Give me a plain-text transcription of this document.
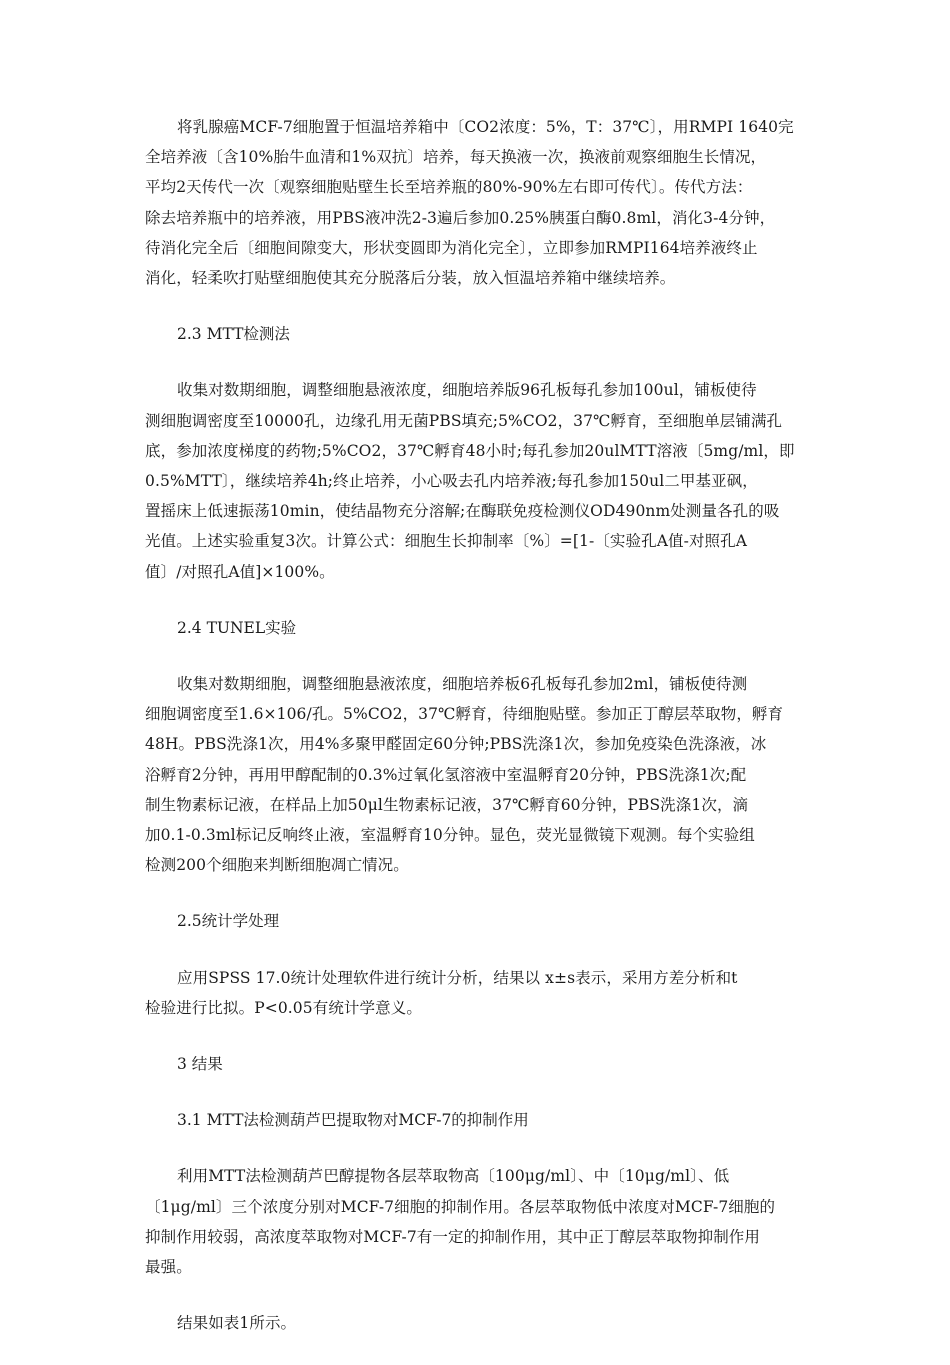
将乳腺癌MCF-7细胞置于恒温培养箱中〔CO2浓度：5%，T：37℃〕，用RMPI 1640完
全培养液〔含10%胎牛血清和1%双抗〕培养，每天换液一次，换液前观察细胞生长情况，
平均2天传代一次〔观察细胞贴壁生长至培养瓶的80%-90%左右即可传代〕。传代方法：
除去培养瓶中的培养液，用PBS液冲洗2-3遍后参加0.25%胰蛋白酶0.8ml，消化3-4分钟，
待消化完全后〔细胞间隙变大，形状变圆即为消化完全〕，立即参加RMPI164培养液终止
消化，轻柔吹打贴壁细胞使其充分脱落后分装，放入恒温培养箱中继续培养。
2.3 MTT检测法
收集对数期细胞，调整细胞悬液浓度，细胞培养版96孔板每孔参加100ul，铺板使待
测细胞调密度至10000孔，边缘孔用无菌PBS填充;5%CO2，37℃孵育，至细胞单层铺满孔
底，参加浓度梯度的药物;5%CO2，37℃孵育48小时;每孔参加20ulMTT溶液〔5mg/ml，即
0.5%MTT〕，继续培养4h;终止培养，小心吸去孔内培养液;每孔参加150ul二甲基亚砜，
置摇床上低速振荡10min，使结晶物充分溶解;在酶联免疫检测仪OD490nm处测量各孔的吸
光值。上述实验重复3次。计算公式：细胞生长抑制率〔%〕=[1-〔实验孔A值-对照孔A
值〕/对照孔A值]×100%。
2.4 TUNEL实验
收集对数期细胞，调整细胞悬液浓度，细胞培养板6孔板每孔参加2ml，铺板使待测
细胞调密度至1.6×106/孔。5%CO2，37℃孵育，待细胞贴壁。参加正丁醇层萃取物，孵育
48H。PBS洗涤1次，用4%多聚甲醛固定60分钟;PBS洗涤1次，参加免疫染色洗涤液，冰
浴孵育2分钟，再用甲醇配制的0.3%过氧化氢溶液中室温孵育20分钟，PBS洗涤1次;配
制生物素标记液，在样品上加50μl生物素标记液，37℃孵育60分钟，PBS洗涤1次，滴
加0.1-0.3ml标记反响终止液，室温孵育10分钟。显色，荧光显微镜下观测。每个实验组
检测200个细胞来判断细胞凋亡情况。
2.5统计学处理
应用SPSS 17.0统计处理软件进行统计分析，结果以 x±s表示，采用方差分析和t
检验进行比拟。P<0.05有统计学意义。
3 结果
3.1 MTT法检测葫芦巴提取物对MCF-7的抑制作用
利用MTT法检测葫芦巴醇提物各层萃取物高〔100μg/ml〕、中〔10μg/ml〕、低
〔1μg/ml〕三个浓度分别对MCF-7细胞的抑制作用。各层萃取物低中浓度对MCF-7细胞的
抑制作用较弱，高浓度萃取物对MCF-7有一定的抑制作用，其中正丁醇层萃取物抑制作用
最强。
结果如表1所示。
